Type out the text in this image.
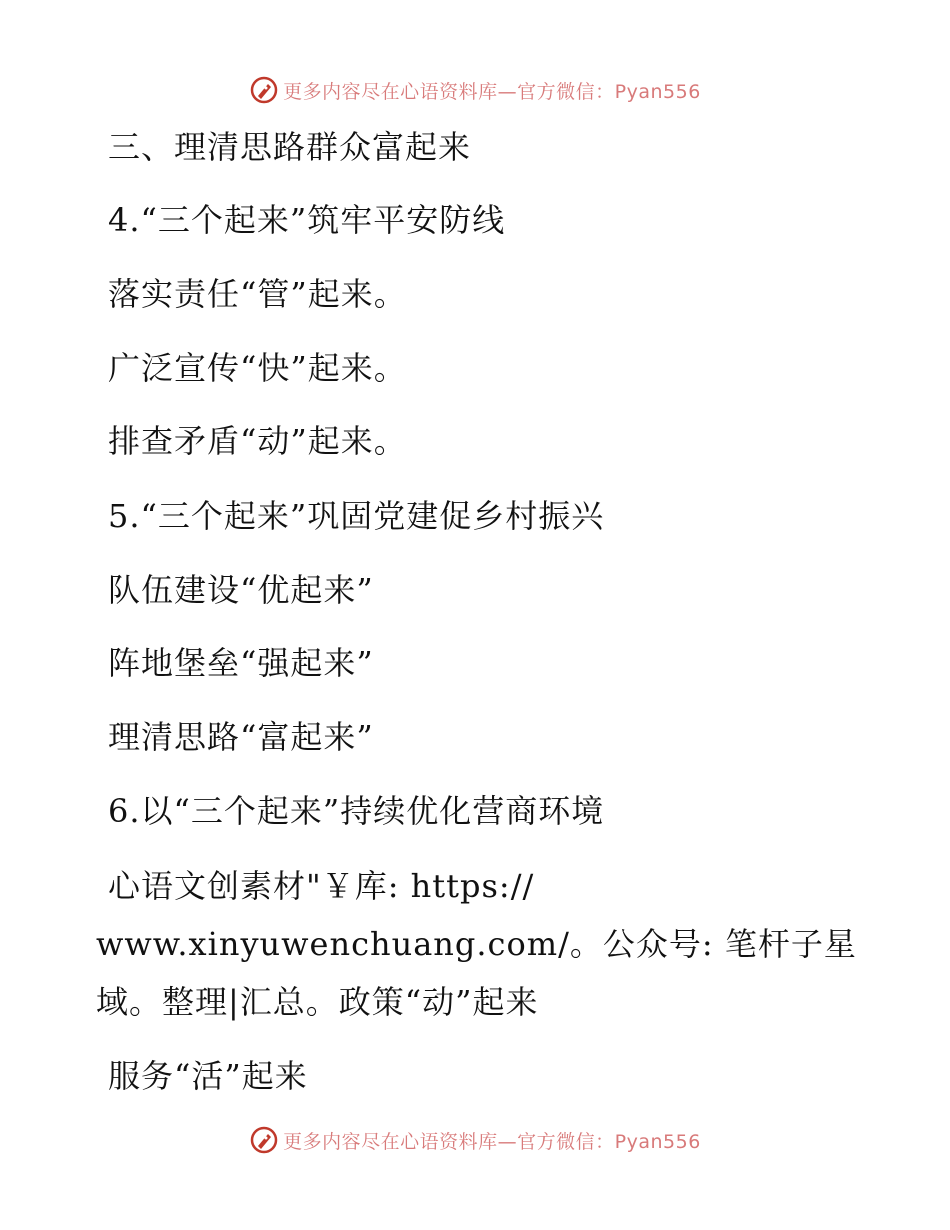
更多内容尽在心语资料库—官方微信：Pyan556
三、理清思路群众富起来
4.“三个起来”筑牢平安防线
落实责任“管”起来。
广泛宣传“快”起来。
排查矛盾“动”起来。
5.“三个起来”巩固党建促乡村振兴
队伍建设“优起来”
阵地堡垒“强起来”
理清思路“富起来”
6.以“三个起来”持续优化营商环境
心语文创素材"￥库: https://
www.xinyuwenchuang.com/。公众号: 笔杆子星
域。整理|汇总。政策“动”起来
服务“活”起来
更多内容尽在心语资料库—官方微信：Pyan556
